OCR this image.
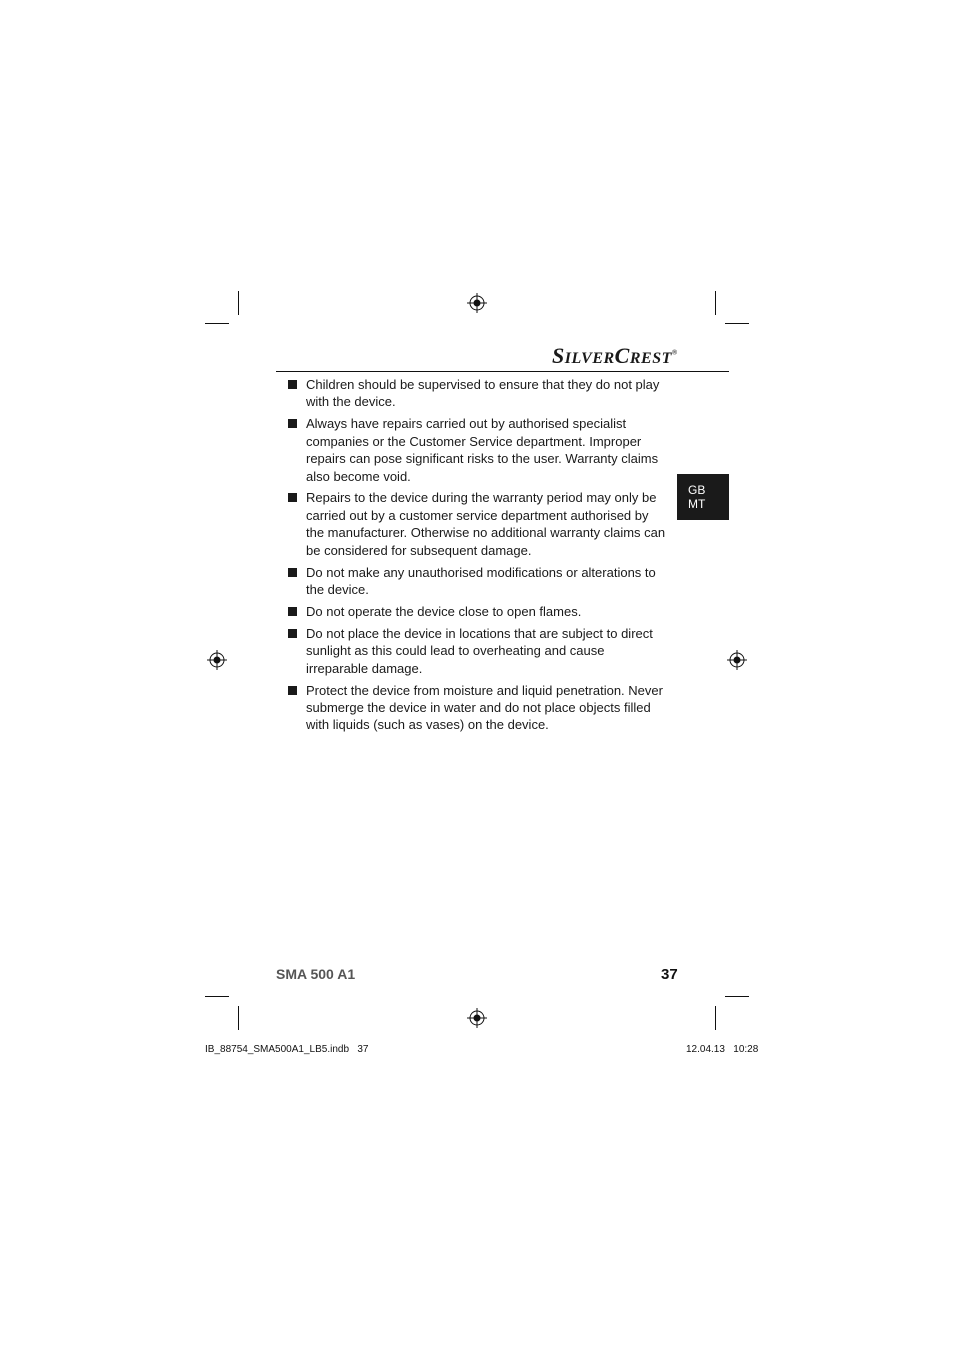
SILVERCREST®
Children should be supervised to ensure that they do not play with the device.
Always have repairs carried out by authorised specialist companies or the Customer Service department. Improper repairs can pose significant risks to the user. Warranty claims also become void.
Repairs to the device during the warranty period may only be carried out by a customer service department authorised by the manufacturer. Otherwise no additional warranty claims can be considered for subsequent damage.
Do not make any unauthorised modifications or alterations to the device.
Do not operate the device close to open flames.
Do not place the device in locations that are subject to direct sunlight as this could lead to overheating and cause irreparable damage.
Protect the device from moisture and liquid penetration. Never submerge the device in water and do not place objects filled with liquids (such as vases) on the device.
GB
MT
SMA 500 A1	37
IB_88754_SMA500A1_LB5.indb   37	12.04.13   10:28
